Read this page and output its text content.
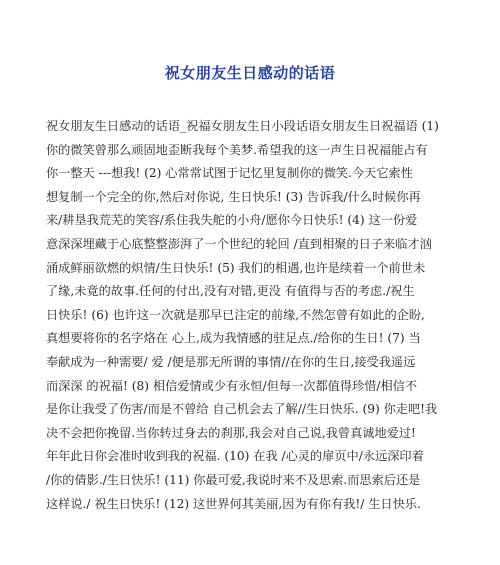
祝女朋友生日感动的话语
祝女朋友生日感动的话语_祝福女朋友生日小段话语女朋友生日祝福语 (1)
你的微笑曾那么顽固地歪断我每个美梦.希望我的这一声生日祝福能占有
你一整天 ---想我! (2) 心常常试图于记忆里复制你的微笑.今天它索性
想复制一个完全的你,然后对你说, 生日快乐! (3) 告诉我/什么时候你再
来/耕垦我荒芜的笑容/系住我失舵的小舟/愿你今日快乐! (4) 这一份爱
意深深埋藏于心底整整澎湃了一个世纪的轮回 /直到相聚的日子来临才汹
涌成鲜丽欲燃的炽情/生日快乐! (5) 我们的相遇,也许是续着一个前世未
了缘,未竟的故事.任何的付出,没有对错,更没 有值得与否的考虑./祝生
日快乐! (6) 也许这一次就是那早已注定的前缘,不然怎曾有如此的企盼,
真想要将你的名字烙在 心上,成为我情感的驻足点./给你的生日! (7) 当
奉献成为一种需要/ 爱 /便是那无所谓的事情//在你的生日,接受我遥远
而深深 的祝福! (8) 相信爱情或少有永恒/但每一次都值得珍惜/相信不
是你让我受了伤害/而是不曾给 自己机会去了解//生日快乐. (9) 你走吧!我
决不会把你挽留.当你转过身去的刹那,我会对自己说,我曾真诚地爱过!
年年此日你会准时收到我的祝福. (10) 在我 /心灵的扉页中/永远深印着
/你的倩影./生日快乐! (11) 你最可爱,我说时来不及思索.而思索后还是
这样说./ 祝生日快乐! (12) 这世界何其美丽,因为有你有我!/ 生日快乐.
